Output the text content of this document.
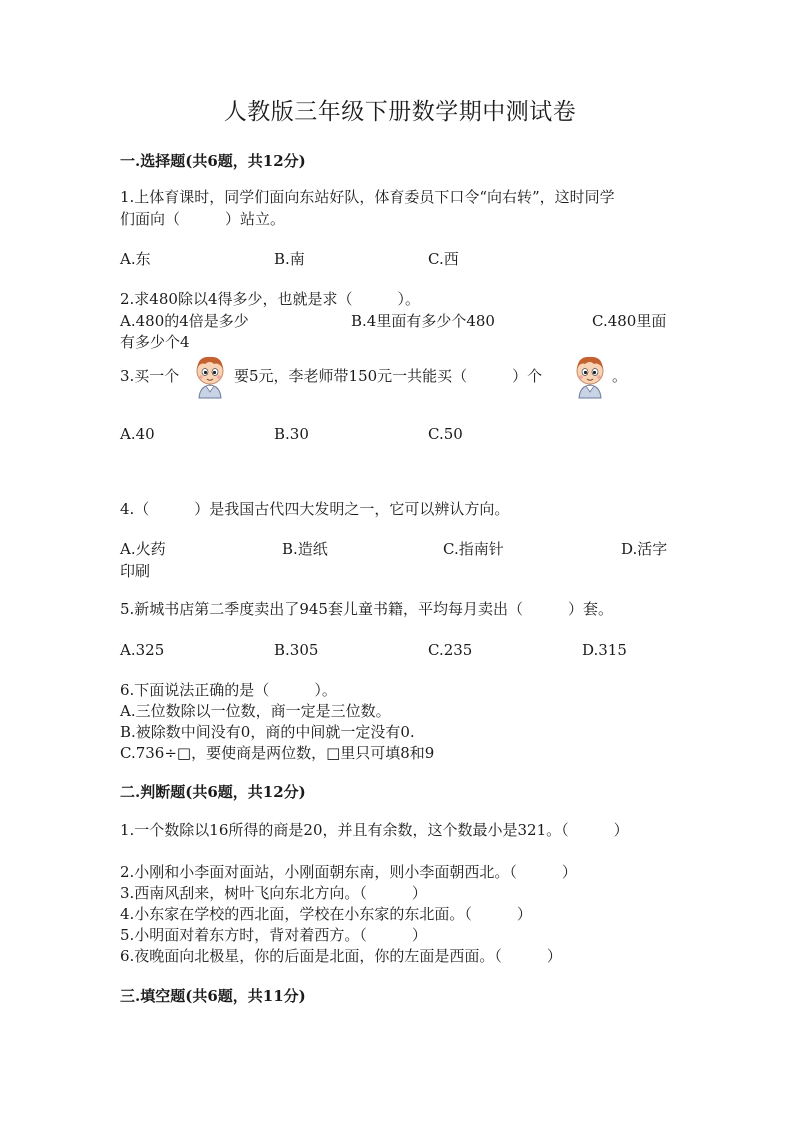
人教版三年级下册数学期中测试卷
一.选择题(共6题，共12分)
1.上体育课时，同学们面向东站好队，体育委员下口令“向右转”，这时同学
们面向（　　　）站立。
A.东	B.南	C.西
2.求480除以4得多少，也就是求（　　　）。
A.480的4倍是多少	B.4里面有多少个480	C.480里面
有多少个4
3.买一个	要5元，李老师带150元一共能买（　　　）个	。
A.40	B.30	C.50
4.（　　　）是我国古代四大发明之一，它可以辨认方向。
A.火药	B.造纸	C.指南针	D.活字
印刷
5.新城书店第二季度卖出了945套儿童书籍，平均每月卖出（　　　）套。
A.325	B.305	C.235	D.315
6.下面说法正确的是（　　　）。
A.三位数除以一位数，商一定是三位数。
B.被除数中间没有0，商的中间就一定没有0.
C.736÷□，要使商是两位数，□里只可填8和9
二.判断题(共6题，共12分)
1.一个数除以16所得的商是20，并且有余数，这个数最小是321。（　　　）
2.小刚和小李面对面站，小刚面朝东南，则小李面朝西北。（　　　）
3.西南风刮来，树叶飞向东北方向。（　　　）
4.小东家在学校的西北面，学校在小东家的东北面。（　　　）
5.小明面对着东方时，背对着西方。（　　　）
6.夜晚面向北极星，你的后面是北面，你的左面是西面。（　　　）
三.填空题(共6题，共11分)
